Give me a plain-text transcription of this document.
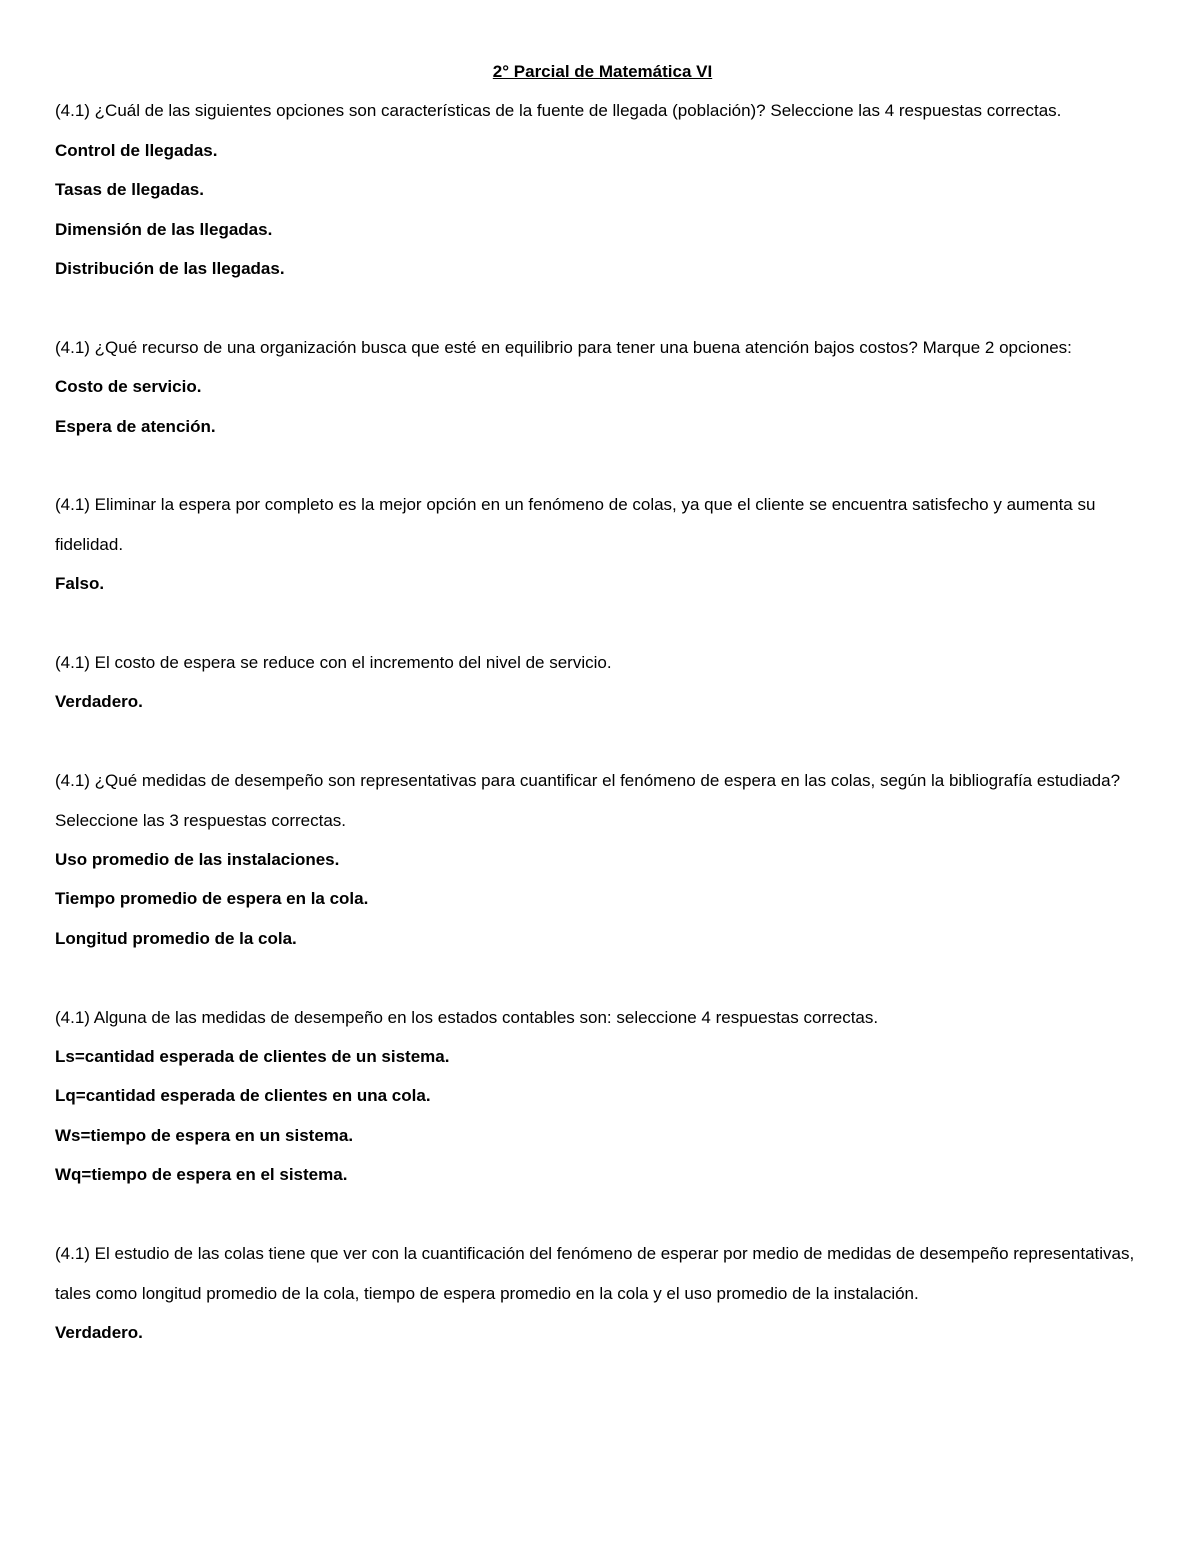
2° Parcial de Matemática VI

(4.1) ¿Cuál de las siguientes opciones son características de la fuente de llegada (población)? Seleccione las 4 respuestas correctas.

Control de llegadas.

Tasas de llegadas.

Dimensión de las llegadas.

Distribución de las llegadas.

(4.1) ¿Qué recurso de una organización busca que esté en equilibrio para tener una buena atención bajos costos? Marque 2 opciones:

Costo de servicio.

Espera de atención.

(4.1) Eliminar la espera por completo es la mejor opción en un fenómeno de colas, ya que el cliente se encuentra satisfecho y aumenta su fidelidad.

Falso.

(4.1) El costo de espera se reduce con el incremento del nivel de servicio.

Verdadero.

(4.1) ¿Qué medidas de desempeño son representativas para cuantificar el fenómeno de espera en las colas, según la bibliografía estudiada? Seleccione las 3 respuestas correctas.

Uso promedio de las instalaciones.

Tiempo promedio de espera en la cola.

Longitud promedio de la cola.

(4.1) Alguna de las medidas de desempeño en los estados contables son: seleccione 4 respuestas correctas.

Ls=cantidad esperada de clientes de un sistema.

Lq=cantidad esperada de clientes en una cola.

Ws=tiempo de espera en un sistema.

Wq=tiempo de espera en el sistema.

(4.1) El estudio de las colas tiene que ver con la cuantificación del fenómeno de esperar por medio de medidas de desempeño representativas, tales como longitud promedio de la cola, tiempo de espera promedio en la cola y el uso promedio de la instalación.

Verdadero.
